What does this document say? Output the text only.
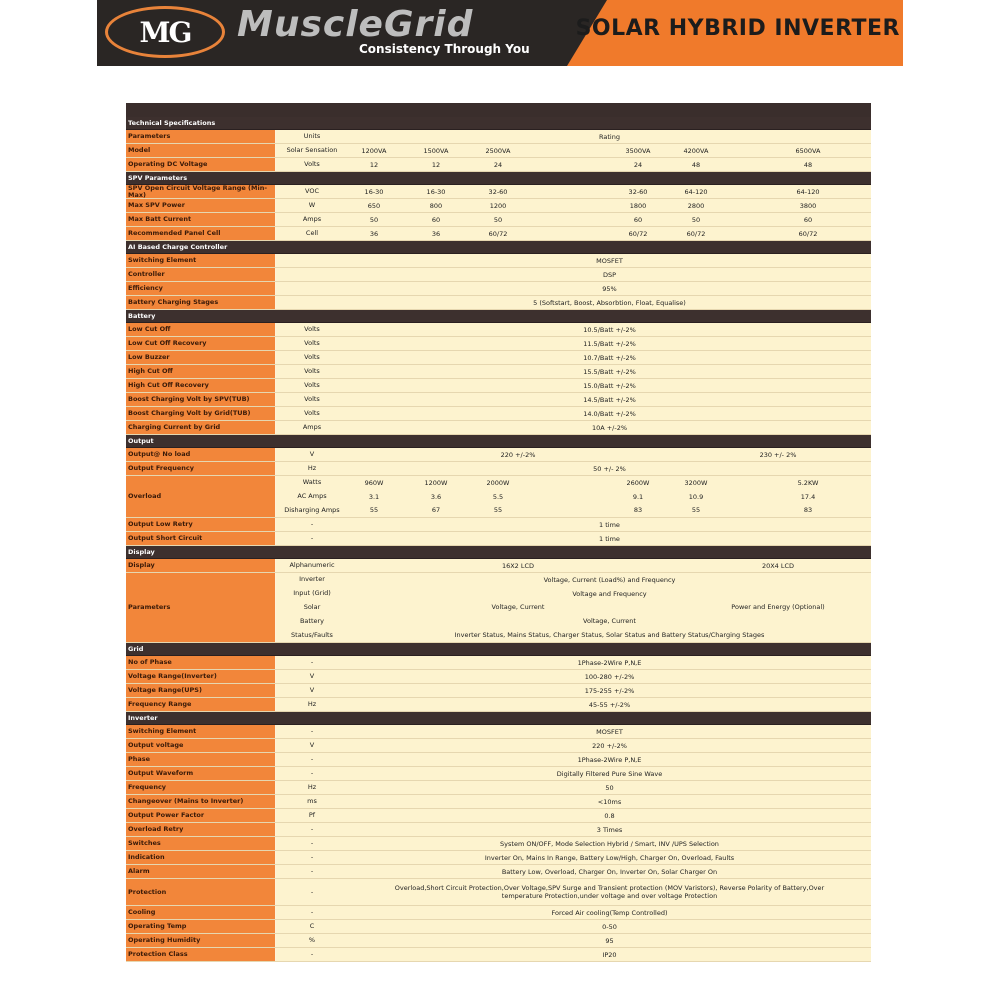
MG MuscleGrid
Consistency Through You
SOLAR HYBRID INVERTER
Technical Specifications
Parameters	Units	Rating
Model	Solar Sensation	1200VA	1500VA	2500VA	3500VA	4200VA	6500VA
Operating DC Voltage	Volts	12	12	24	24	48	48
SPV Parameters
SPV Open Circuit Voltage Range (Min-Max)	VOC	16-30	16-30	32-60	32-60	64-120	64-120
Max SPV Power	W	650	800	1200	1800	2800	3800
Max Batt Current	Amps	50	60	50	60	50	60
Recommended Panel Cell	Cell	36	36	60/72	60/72	60/72	60/72
AI Based Charge Controller
Switching Element	MOSFET
Controller	DSP
Efficiency	95%
Battery Charging Stages	5 (Softstart, Boost, Absorbtion, Float, Equalise)
Battery
Low Cut Off	Volts	10.5/Batt +/-2%
Low Cut Off Recovery	Volts	11.5/Batt +/-2%
Low Buzzer	Volts	10.7/Batt +/-2%
High Cut Off	Volts	15.5/Batt +/-2%
High Cut Off Recovery	Volts	15.0/Batt +/-2%
Boost Charging Volt by SPV(TUB)	Volts	14.5/Batt +/-2%
Boost Charging Volt by Grid(TUB)	Volts	14.0/Batt +/-2%
Charging Current by Grid	Amps	10A +/-2%
Output
Output@ No load	V	220 +/-2%	230 +/- 2%
Output Frequency	Hz	50 +/- 2%
Overload
Watts	960W	1200W	2000W	2600W	3200W	5.2KW
AC Amps	3.1	3.6	5.5	9.1	10.9	17.4
Disharging Amps	55	67	55	83	55	83
Output Low Retry	-	1 time
Output Short Circuit	-	1 time
Display
Display	Alphanumeric	16X2 LCD	20X4 LCD
Parameters
Inverter	Voltage, Current (Load%) and Frequency
Input (Grid)	Voltage and Frequency
Solar	Voltage, Current	Power and Energy (Optional)
Battery	Voltage, Current
Status/Faults	Inverter Status, Mains Status, Charger Status, Solar Status and Battery Status/Charging Stages
Grid
No of Phase	-	1Phase-2Wire P,N,E
Voltage Range(Inverter)	V	100-280 +/-2%
Voltage Range(UPS)	V	175-255 +/-2%
Frequency Range	Hz	45-55 +/-2%
Inverter
Switching Element	-	MOSFET
Output voltage	V	220 +/-2%
Phase	-	1Phase-2Wire P,N,E
Output Waveform	-	Digitally Filtered Pure Sine Wave
Frequency	Hz	50
Changeover (Mains to Inverter)	ms	<10ms
Output Power Factor	Pf	0.8
Overload Retry	-	3 Times
Switches	-	System ON/OFF, Mode Selection Hybrid / Smart, INV /UPS Selection
Indication	-	Inverter On, Mains In Range, Battery Low/High, Charger On, Overload, Faults
Alarm	-	Battery Low, Overload, Charger On, Inverter On, Solar Charger On
Protection	-	Overload,Short Circuit Protection,Over Voltage,SPV Surge and Transient protection (MOV Varistors), Reverse Polarity of Battery,Over temperature Protection,under voltage and over voltage Protection
Cooling	-	Forced Air cooling(Temp Controlled)
Operating Temp	C	0-50
Operating Humidity	%	95
Protection Class	-	IP20
